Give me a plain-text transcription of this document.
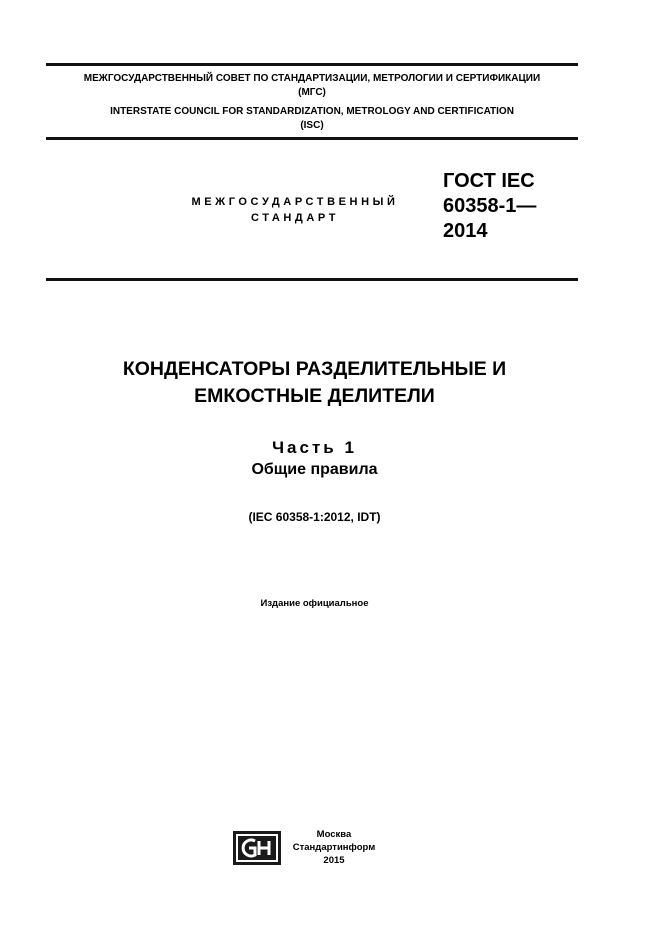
МЕЖГОСУДАРСТВЕННЫЙ СОВЕТ ПО СТАНДАРТИЗАЦИИ, МЕТРОЛОГИИ И СЕРТИФИКАЦИИ
(МГС)
INTERSTATE COUNCIL FOR STANDARDIZATION, METROLOGY AND CERTIFICATION
(ISC)
МЕЖГОСУДАРСТВЕННЫЙ
СТАНДАРТ
ГОСТ IEC
60358-1—
2014
КОНДЕНСАТОРЫ РАЗДЕЛИТЕЛЬНЫЕ И
ЕМКОСТНЫЕ ДЕЛИТЕЛИ
Часть 1
Общие правила
(IEC 60358-1:2012, IDT)
Издание официальное
Москва
Стандартинформ
2015
